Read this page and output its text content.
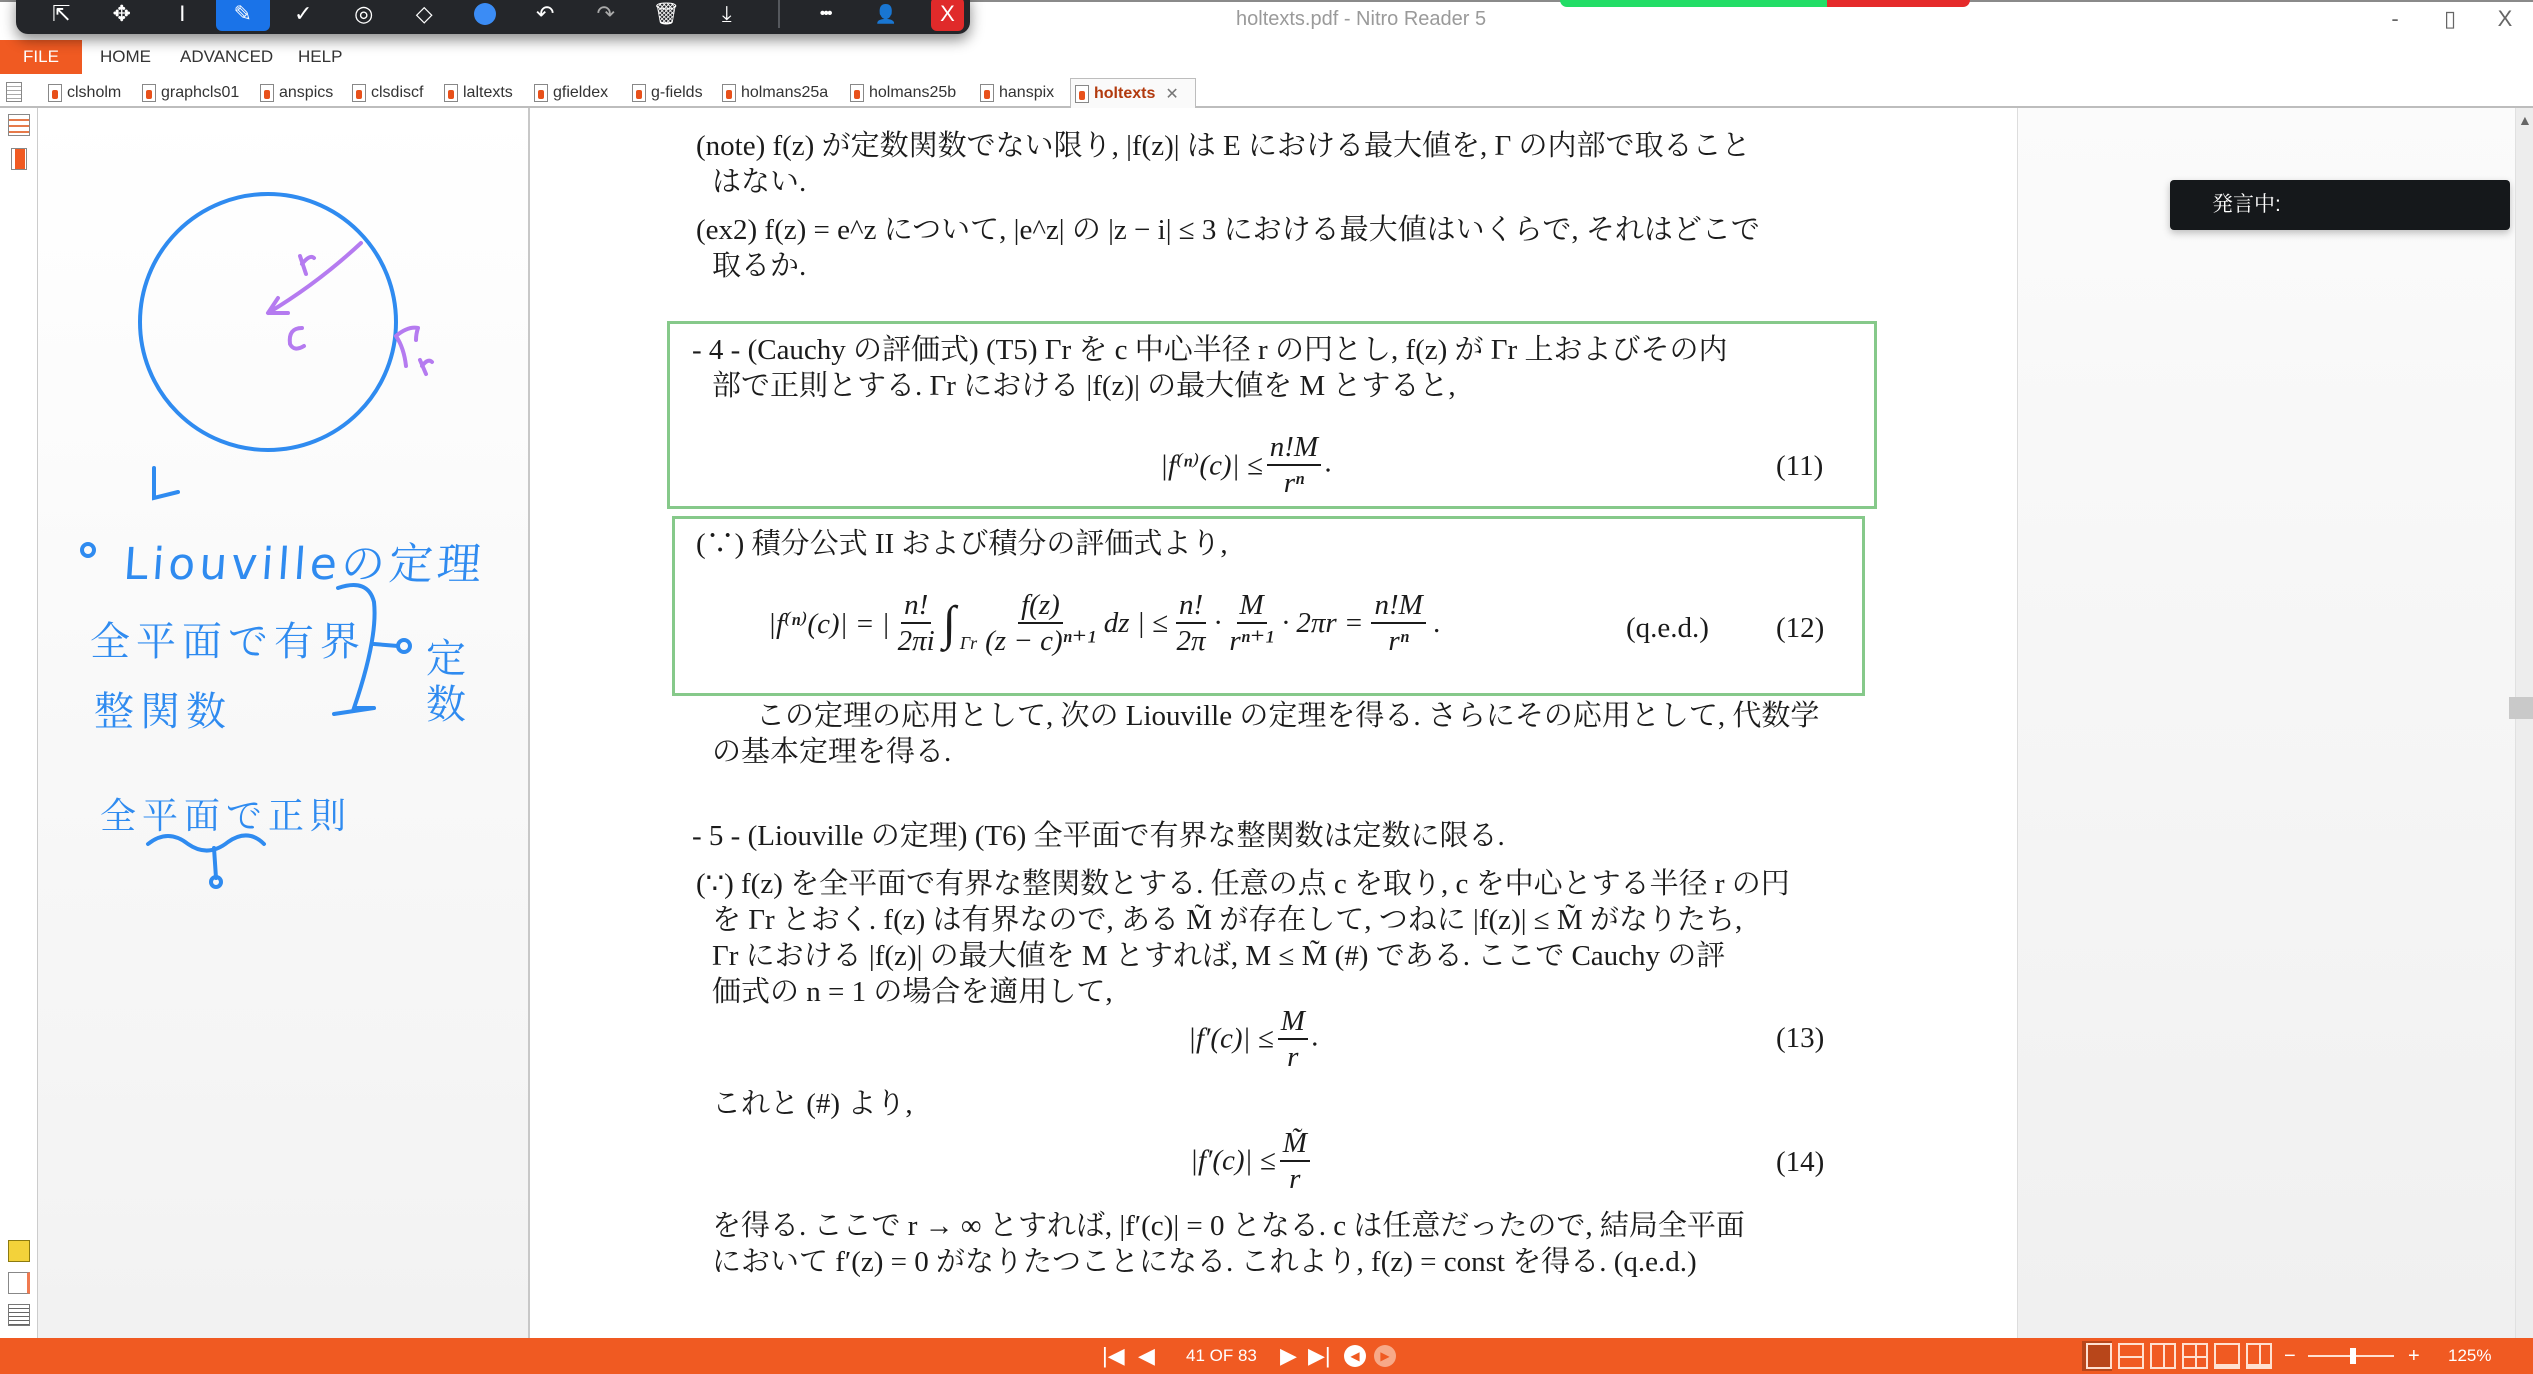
holtexts.pdf - Nitro Reader 5	-	▯	X
FILE	HOME	ADVANCED	HELP
⇱	✥	I	✎	✓	◎	◇	↶	↷	🗑	⤓	•••	👤	X
clsholm graphcls01 anspics clsdiscf laltexts	gfieldex	g-fields holmans25a	holmans25b	hanspix holtexts ✕
Liouvilleの定理
全平面で有界
整関数
全平面で正則
定数
(note) f(z) が定数関数でない限り, |f(z)| は E における最大値を, Γ の内部で取ること
はない.
(ex2) f(z) = e^z について, |e^z| の |z − i| ≤ 3 における最大値はいくらで, それはどこで
取るか.
- 4 - (Cauchy の評価式) (T5) Γr を c 中心半径 r の円とし, f(z) が Γr 上およびその内
部で正則とする. Γr における |f(z)| の最大値を M とすると,
$|f^{(n)}(c)| \le \frac{n!M}{\text{rⁿ}}$ .	(11)
(∵) 積分公式 II および積分の評価式より,
|f⁽ⁿ⁾(c)| = | $\frac{n!}{2\pi i} \int_{\Gamma r} \frac{f(z)}{\text{(z − c)ⁿ⁺¹}}$ dz | ≤ $\frac{n!}{2\pi} \cdot \frac{M}{\text{rⁿ⁺¹}} \cdot 2\pi r = \frac{n!M}{\text{rⁿ}}$ .	(q.e.d.) (12)
この定理の応用として, 次の Liouville の定理を得る. さらにその応用として, 代数学
の基本定理を得る.
- 5 - (Liouville の定理) (T6) 全平面で有界な整関数は定数に限る.
(∵) f(z) を全平面で有界な整関数とする. 任意の点 c を取り, c を中心とする半径 r の円
を Γr とおく. f(z) は有界なので, ある M̃ が存在して, つねに |f(z)| ≤ M̃ がなりたち,
Γr における |f(z)| の最大値を M とすれば, M ≤ M̃ (#) である. ここで Cauchy の評
価式の n = 1 の場合を適用して,
$|f'(c)| \le \frac{M}{r}$ .	(13)
これと (#) より,
$|f'(c)| \le \frac{M̃}{r}$	(14)
を得る. ここで r → ∞ とすれば, |f′(c)| = 0 となる. c は任意だったので, 結局全平面
において f′(z) = 0 がなりたつことになる. これより, f(z) = const を得る. (q.e.d.)
発言中:
▲
|◀ ◀ 41 OF 83 ▶ ▶|	◀	▶	−	+ 125%
